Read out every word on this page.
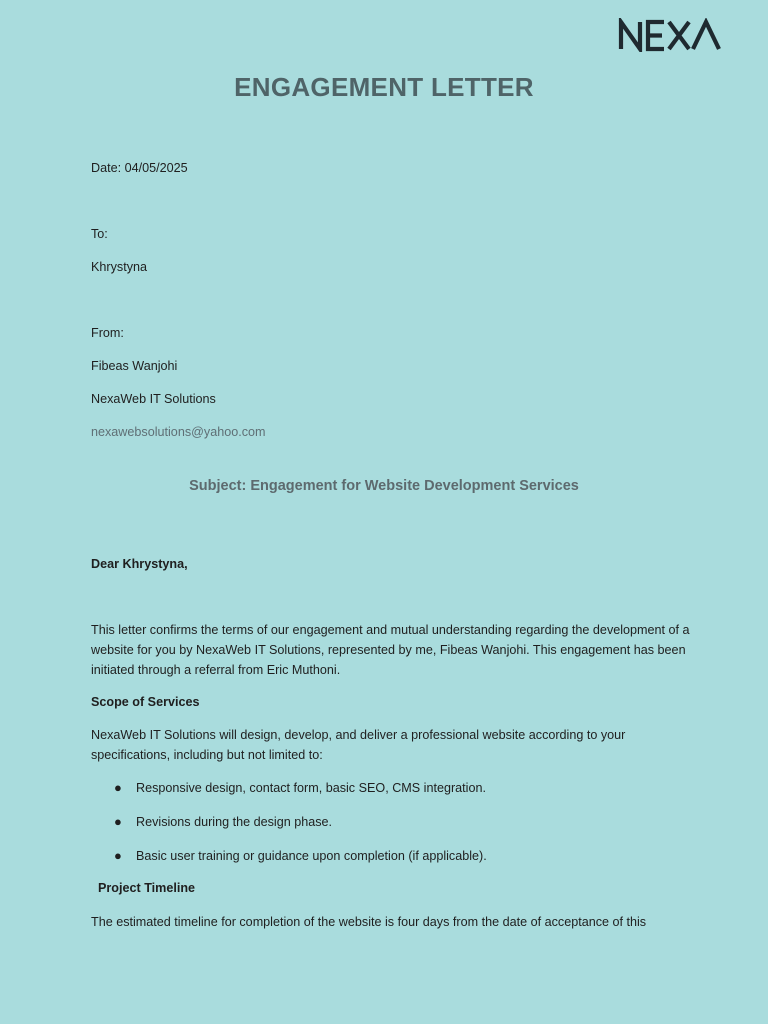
ENGAGEMENT LETTER
Date: 04/05/2025
To:
Khrystyna
From:
Fibeas Wanjohi
NexaWeb IT Solutions
nexawebsolutions@yahoo.com
Dear Khrystyna,
This letter confirms the terms of our engagement and mutual understanding regarding the development of a website for you by NexaWeb IT Solutions, represented by me, Fibeas Wanjohi. This engagement has been initiated through a referral from Eric Muthoni.
Scope of Services
NexaWeb IT Solutions will design, develop, and deliver a professional website according to your specifications, including but not limited to:
● Responsive design, contact form, basic SEO, CMS integration.
● Revisions during the design phase.
● Basic user training or guidance upon completion (if applicable).
Project Timeline
The estimated timeline for completion of the website is four days from the date of acceptance of this
Subject: Engagement for Website Development Services
